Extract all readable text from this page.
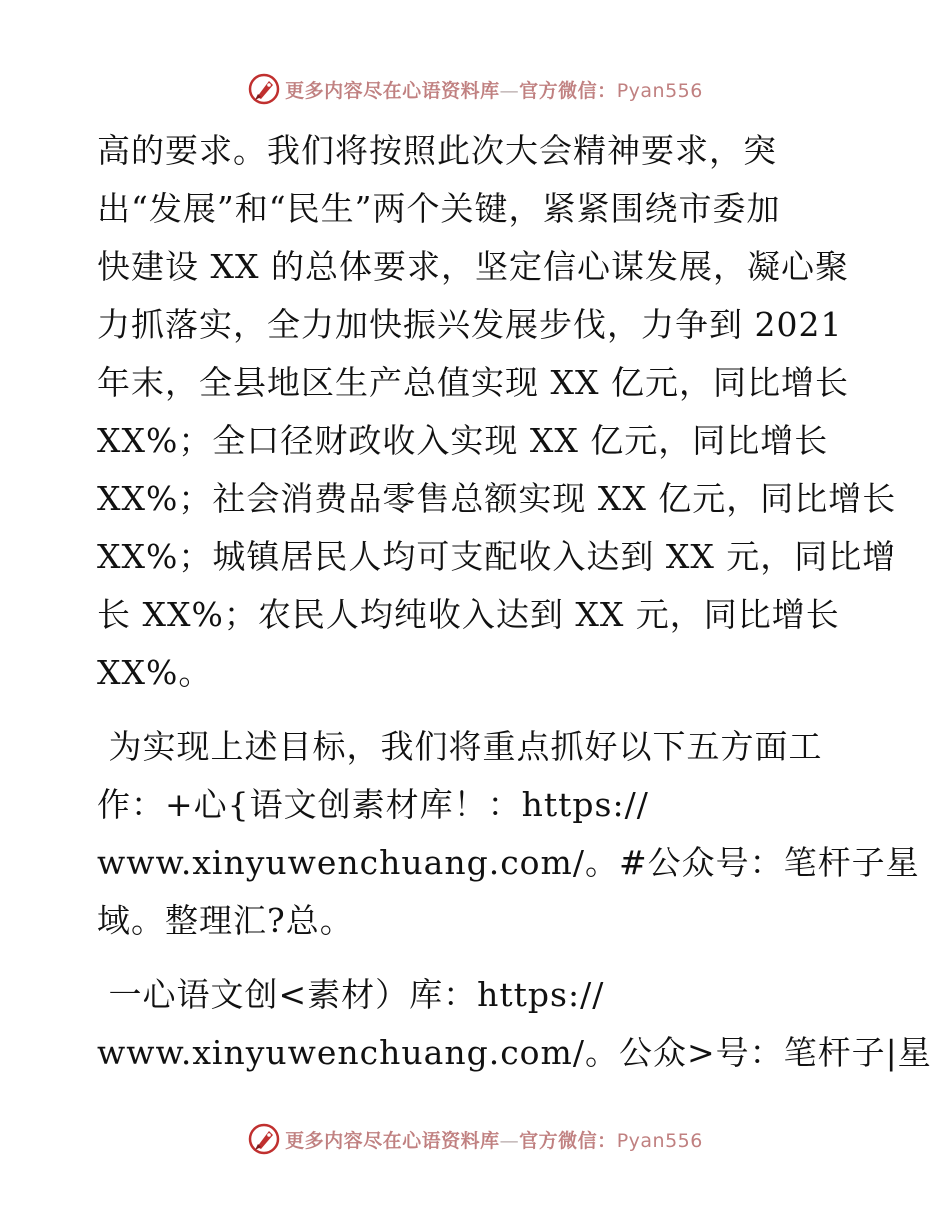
更多内容尽在心语资料库—官方微信：Pyan556
高的要求。我们将按照此次大会精神要求，突
出“发展”和“民生”两个关键，紧紧围绕市委加
快建设 XX 的总体要求，坚定信心谋发展，凝心聚
力抓落实，全力加快振兴发展步伐，力争到 2021
年末，全县地区生产总值实现 XX 亿元，同比增长
XX%；全口径财政收入实现 XX 亿元，同比增长
XX%；社会消费品零售总额实现 XX 亿元，同比增长
XX%；城镇居民人均可支配收入达到 XX 元，同比增
长 XX%；农民人均纯收入达到 XX 元，同比增长
XX%。
为实现上述目标，我们将重点抓好以下五方面工
作：+心{语文创素材库！：https://
www.xinyuwenchuang.com/。#公众号：笔杆子星
域。整理汇?总。
一心语文创<素材）库：https://
www.xinyuwenchuang.com/。公众>号：笔杆子|星
更多内容尽在心语资料库—官方微信：Pyan556
